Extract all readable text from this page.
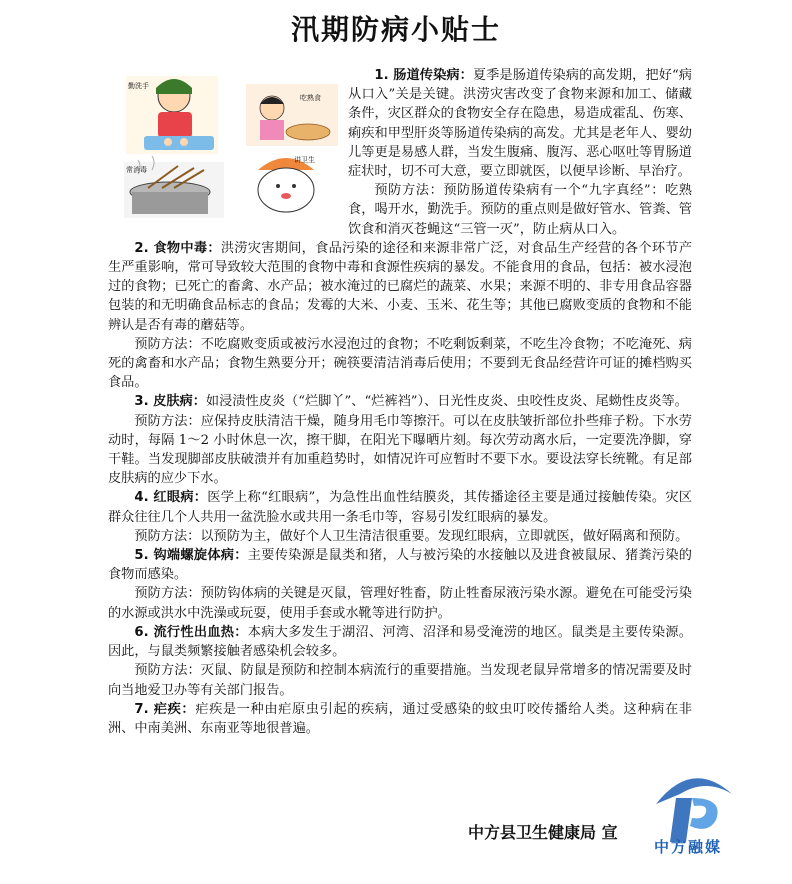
汛期防病小贴士
勤洗手
吃熟食
常消毒
讲卫生

1. 肠道传染病：夏季是肠道传染病的高发期，把好“病从口入”关是关键。洪涝灾害改变了食物来源和加工、储藏条件，灾区群众的食物安全存在隐患，易造成霍乱、伤寒、痢疾和甲型肝炎等肠道传染病的高发。尤其是老年人、婴幼儿等更是易感人群，当发生腹痛、腹泻、恶心呕吐等胃肠道症状时，切不可大意，要立即就医，以便早诊断、早治疗。

预防方法：预防肠道传染病有一个“九字真经”：吃熟食，喝开水，勤洗手。预防的重点则是做好管水、管粪、管饮食和消灭苍蝇这“三管一灭”，防止病从口入。

2. 食物中毒：洪涝灾害期间，食品污染的途径和来源非常广泛，对食品生产经营的各个环节产生严重影响，常可导致较大范围的食物中毒和食源性疾病的暴发。不能食用的食品，包括：被水浸泡过的食物；已死亡的畜禽、水产品；被水淹过的已腐烂的蔬菜、水果；来源不明的、非专用食品容器包装的和无明确食品标志的食品；发霉的大米、小麦、玉米、花生等；其他已腐败变质的食物和不能辨认是否有毒的蘑菇等。

预防方法：不吃腐败变质或被污水浸泡过的食物；不吃剩饭剩菜，不吃生冷食物；不吃淹死、病死的禽畜和水产品；食物生熟要分开；碗筷要清洁消毒后使用；不要到无食品经营许可证的摊档购买食品。

3. 皮肤病：如浸渍性皮炎（“烂脚丫”、“烂裤裆”）、日光性皮炎、虫咬性皮炎、尾蚴性皮炎等。

预防方法：应保持皮肤清洁干燥，随身用毛巾等擦汗。可以在皮肤皱折部位扑些痱子粉。下水劳动时，每隔 1～2 小时休息一次，擦干脚，在阳光下曝晒片刻。每次劳动离水后，一定要洗净脚，穿干鞋。当发现脚部皮肤破溃并有加重趋势时，如情况许可应暂时不要下水。要设法穿长统靴。有足部皮肤病的应少下水。

4. 红眼病：医学上称“红眼病”，为急性出血性结膜炎，其传播途径主要是通过接触传染。灾区群众往往几个人共用一盆洗脸水或共用一条毛巾等，容易引发红眼病的暴发。

预防方法：以预防为主，做好个人卫生清洁很重要。发现红眼病，立即就医，做好隔离和预防。

5. 钩端螺旋体病：主要传染源是鼠类和猪，人与被污染的水接触以及进食被鼠尿、猪粪污染的食物而感染。

预防方法：预防钩体病的关键是灭鼠，管理好牲畜，防止牲畜尿液污染水源。避免在可能受污染的水源或洪水中洗澡或玩耍，使用手套或水靴等进行防护。

6. 流行性出血热：本病大多发生于湖沼、河湾、沼泽和易受淹涝的地区。鼠类是主要传染源。因此，与鼠类频繁接触者感染机会较多。

预防方法：灭鼠、防鼠是预防和控制本病流行的重要措施。当发现老鼠异常增多的情况需要及时向当地爱卫办等有关部门报告。

7. 疟疾：疟疾是一种由疟原虫引起的疾病，通过受感染的蚊虫叮咬传播给人类。这种病在非洲、中南美洲、东南亚等地很普遍。

中方县卫生健康局 宣
中方融媒
